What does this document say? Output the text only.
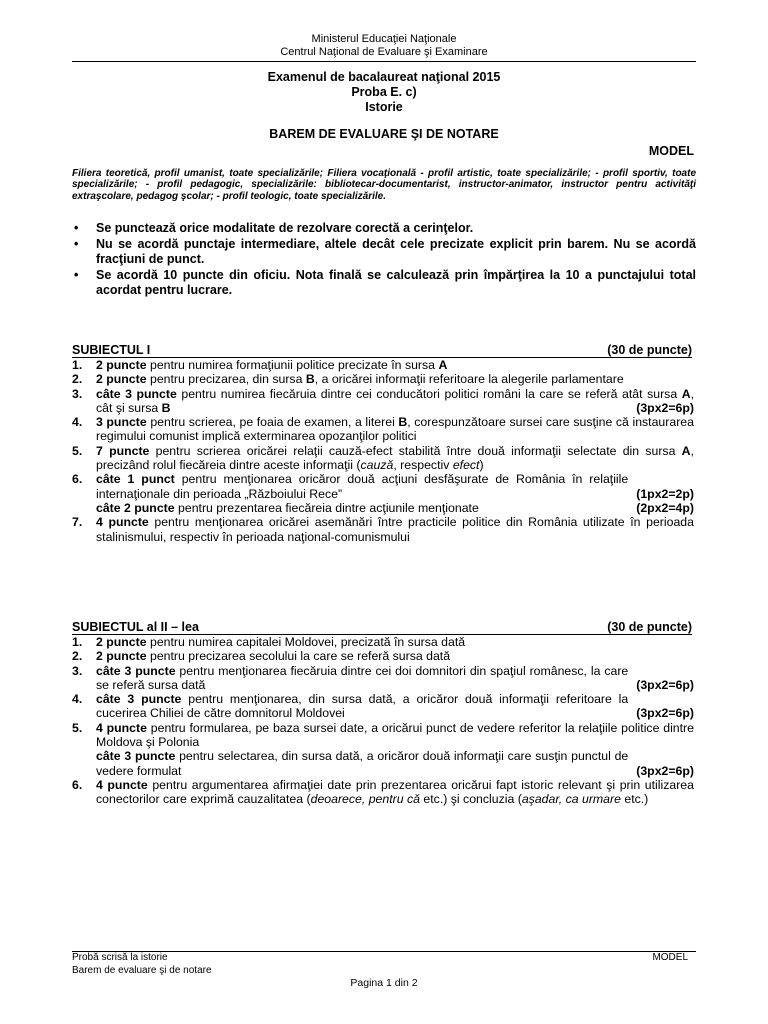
Ministerul Educaţiei Naţionale
Centrul Naţional de Evaluare şi Examinare
Examenul de bacalaureat naţional 2015
Proba E. c)
Istorie
BAREM DE EVALUARE ŞI DE NOTARE
MODEL
Filiera teoretică, profil umanist, toate specializările; Filiera vocaţională - profil artistic, toate specializările; - profil sportiv, toate specializările; - profil pedagogic, specializările: bibliotecar-documentarist, instructor-animator, instructor pentru activităţi extraşcolare, pedagog şcolar; - profil teologic, toate specializările.
• Se punctează orice modalitate de rezolvare corectă a cerinţelor.
• Nu se acordă punctaje intermediare, altele decât cele precizate explicit prin barem. Nu se acordă fracţiuni de punct.
• Se acordă 10 puncte din oficiu. Nota finală se calculează prin împărţirea la 10 a punctajului total acordat pentru lucrare.
SUBIECTUL I	(30 de puncte)
1. 2 puncte pentru numirea formaţiunii politice precizate în sursa A
2. 2 puncte pentru precizarea, din sursa B, a oricărei informaţii referitoare la alegerile parlamentare
3. câte 3 puncte pentru numirea fiecăruia dintre cei conducători politici români la care se referă atât sursa A, cât şi sursa B	(3px2=6p)
4. 3 puncte pentru scrierea, pe foaia de examen, a literei B, corespunzătoare sursei care susţine că instaurarea regimului comunist implică exterminarea opozanţilor politici
5. 7 puncte pentru scrierea oricărei relaţii cauză-efect stabilită între două informaţii selectate din sursa A, precizând rolul fiecăreia dintre aceste informaţii (cauză, respectiv efect)
6. câte 1 punct pentru menţionarea oricăror două acţiuni desfăşurate de România în relaţiile internaţionale din perioada „Războiului Rece”	(1px2=2p)
câte 2 puncte pentru prezentarea fiecăreia dintre acţiunile menţionate	(2px2=4p)
7. 4 puncte pentru menţionarea oricărei asemănări între practicile politice din România utilizate în perioada stalinismului, respectiv în perioada naţional-comunismului
SUBIECTUL al II – lea	(30 de puncte)
1. 2 puncte pentru numirea capitalei Moldovei, precizată în sursa dată
2. 2 puncte pentru precizarea secolului la care se referă sursa dată
3. câte 3 puncte pentru menţionarea fiecăruia dintre cei doi domnitori din spaţiul românesc, la care se referă sursa dată	(3px2=6p)
4. câte 3 puncte pentru menţionarea, din sursa dată, a oricăror două informaţii referitoare la cucerirea Chiliei de către domnitorul Moldovei	(3px2=6p)
5. 4 puncte pentru formularea, pe baza sursei date, a oricărui punct de vedere referitor la relaţiile politice dintre Moldova şi Polonia
câte 3 puncte pentru selectarea, din sursa dată, a oricăror două informaţii care susţin punctul de vedere formulat	(3px2=6p)
6. 4 puncte pentru argumentarea afirmaţiei date prin prezentarea oricărui fapt istoric relevant şi prin utilizarea conectorilor care exprimă cauzalitatea (deoarece, pentru că etc.) şi concluzia (aşadar, ca urmare etc.)
Probă scrisă la istorie
Barem de evaluare şi de notare
MODEL
Pagina 1 din 2
